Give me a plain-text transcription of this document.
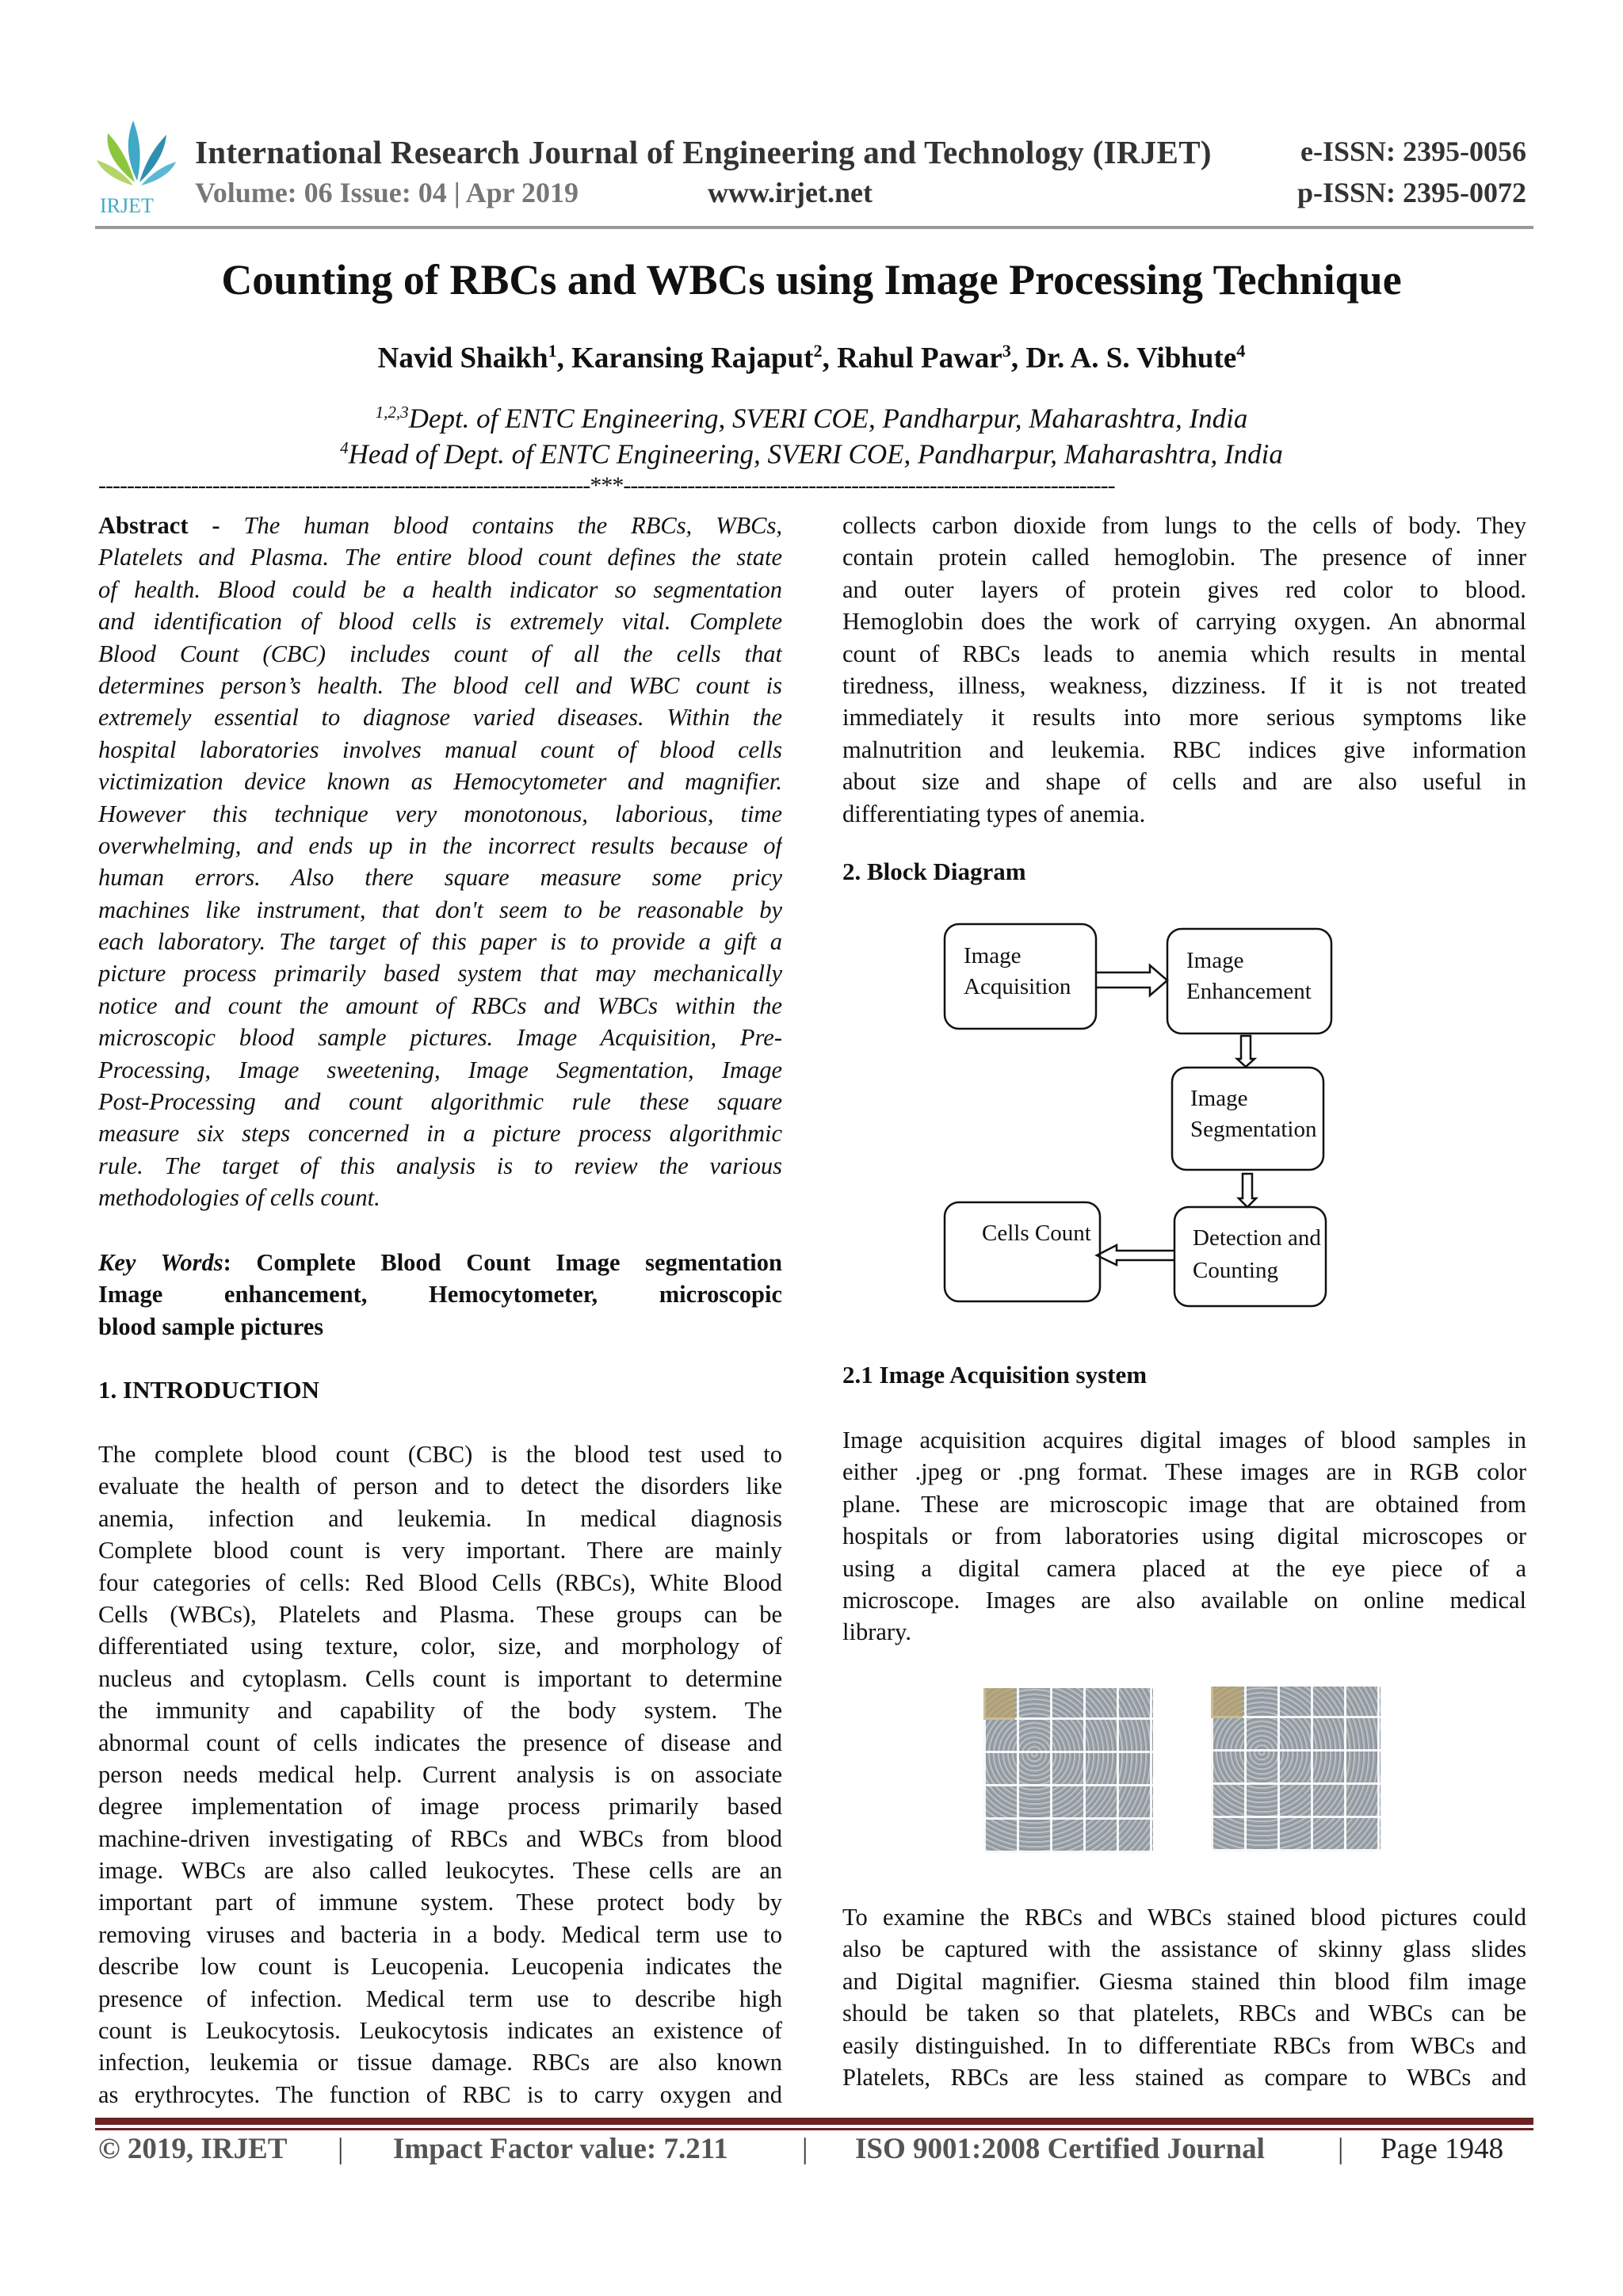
IRJET
International Research Journal of Engineering and Technology (IRJET)
Volume: 06 Issue: 04 | Apr 2019	www.irjet.net
e-ISSN: 2395-0056
p-ISSN: 2395-0072
Counting of RBCs and WBCs using Image Processing Technique
Navid Shaikh$^1$, Karansing Rajaput$^2$, Rahul Pawar$^3$, Dr. A. S. Vibhute$^4$
$^{1,2,3}$Dept. of ENTC Engineering, SVERI COE, Pandharpur, Maharashtra, India
$^4$Head of Dept. of ENTC Engineering, SVERI COE, Pandharpur, Maharashtra, India
---------------------------------------------------------------------***---------------------------------------------------------------------
Abstract - The human blood contains the RBCs, WBCs,
Platelets and Plasma. The entire blood count defines the state
of health. Blood could be a health indicator so segmentation
and identification of blood cells is extremely vital. Complete
Blood Count (CBC) includes count of all the cells that
determines person’s health. The blood cell and WBC count is
extremely essential to diagnose varied diseases. Within the
hospital laboratories involves manual count of blood cells
victimization device known as Hemocytometer and magnifier.
However this technique very monotonous, laborious, time
overwhelming, and ends up in the incorrect results because of
human errors. Also there square measure some pricy
machines like instrument, that don't seem to be reasonable by
each laboratory. The target of this paper is to provide a gift a
picture process primarily based system that may mechanically
notice and count the amount of RBCs and WBCs within the
microscopic blood sample pictures. Image Acquisition, Pre-
Processing, Image sweetening, Image Segmentation, Image
Post-Processing and count algorithmic rule these square
measure six steps concerned in a picture process algorithmic
rule. The target of this analysis is to review the various
methodologies of cells count.
Key Words: Complete Blood Count Image segmentation
Image enhancement, Hemocytometer, microscopic
blood sample pictures
1. INTRODUCTION
The complete blood count (CBC) is the blood test used to
evaluate the health of person and to detect the disorders like
anemia, infection and leukemia. In medical diagnosis
Complete blood count is very important. There are mainly
four categories of cells: Red Blood Cells (RBCs), White Blood
Cells (WBCs), Platelets and Plasma. These groups can be
differentiated using texture, color, size, and morphology of
nucleus and cytoplasm. Cells count is important to determine
the immunity and capability of the body system. The
abnormal count of cells indicates the presence of disease and
person needs medical help. Current analysis is on associate
degree implementation of image process primarily based
machine-driven investigating of RBCs and WBCs from blood
image. WBCs are also called leukocytes. These cells are an
important part of immune system. These protect body by
removing viruses and bacteria in a body. Medical term use to
describe low count is Leucopenia. Leucopenia indicates the
presence of infection. Medical term use to describe high
count is Leukocytosis. Leukocytosis indicates an existence of
infection, leukemia or tissue damage. RBCs are also known
as erythrocytes. The function of RBC is to carry oxygen and
collects carbon dioxide from lungs to the cells of body. They
contain protein called hemoglobin. The presence of inner
and outer layers of protein gives red color to blood.
Hemoglobin does the work of carrying oxygen. An abnormal
count of RBCs leads to anemia which results in mental
tiredness, illness, weakness, dizziness. If it is not treated
immediately it results into more serious symptoms like
malnutrition and leukemia. RBC indices give information
about size and shape of cells and are also useful in
differentiating types of anemia.
2. Block Diagram
Image
Acquisition
Image
Enhancement
Image
Segmentation
Detection and
Counting
Cells Count
2.1 Image Acquisition system
Image acquisition acquires digital images of blood samples in
either .jpeg or .png format. These images are in RGB color
plane. These are microscopic image that are obtained from
hospitals or from laboratories using digital microscopes or
using a digital camera placed at the eye piece of a
microscope. Images are also available on online medical
library.
To examine the RBCs and WBCs stained blood pictures could
also be captured with the assistance of skinny glass slides
and Digital magnifier. Giesma stained thin blood film image
should be taken so that platelets, RBCs and WBCs can be
easily distinguished. In to differentiate RBCs from WBCs and
Platelets, RBCs are less stained as compare to WBCs and
© 2019, IRJET | Impact Factor value: 7.211	| ISO 9001:2008 Certified Journal | Page 1948
